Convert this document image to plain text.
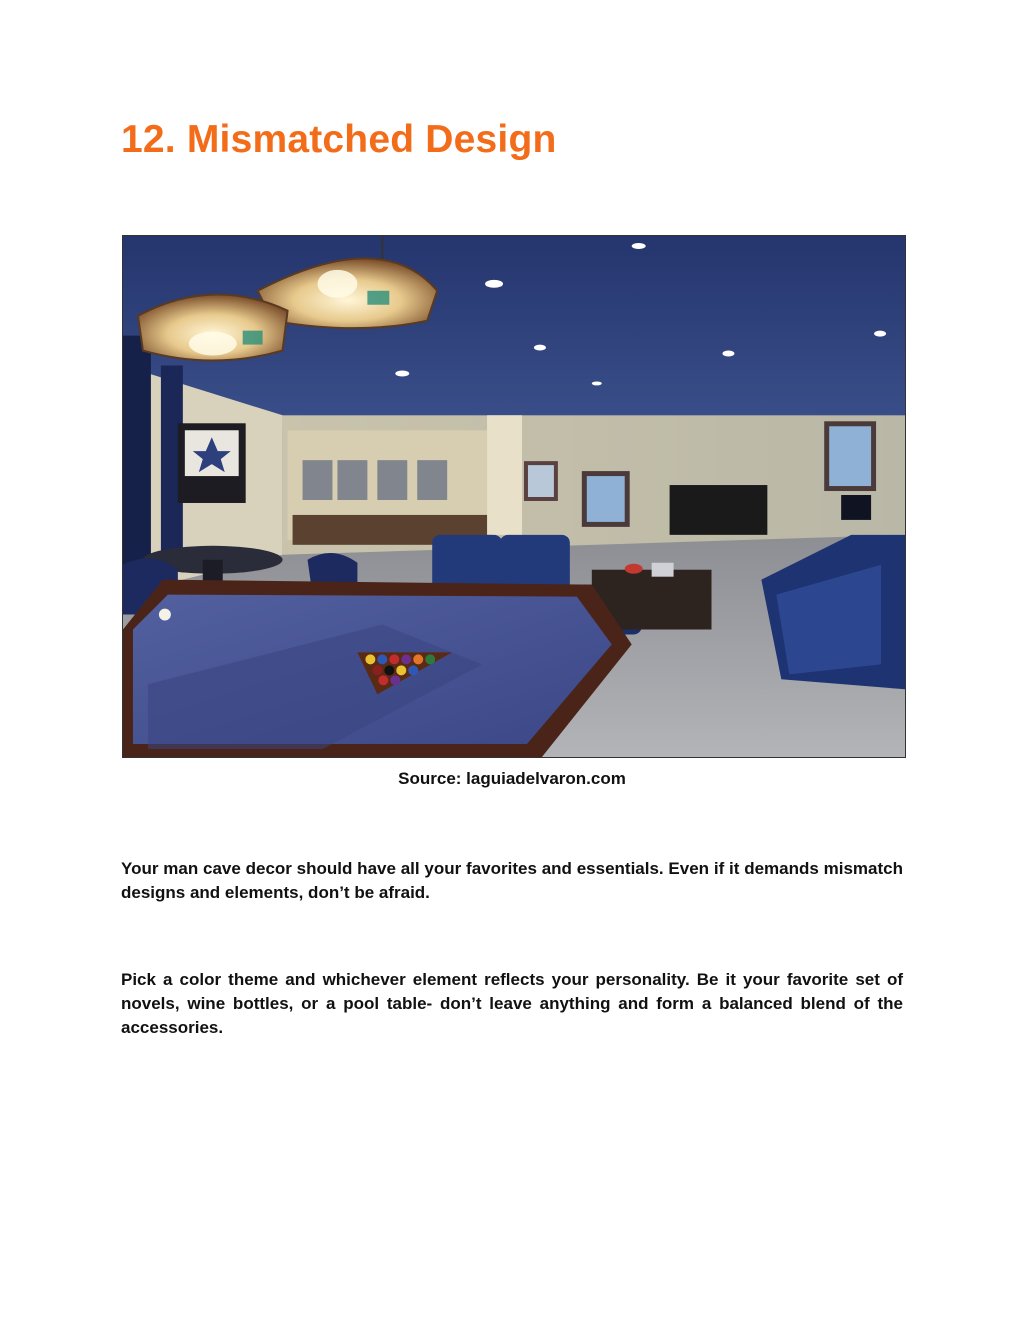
12. Mismatched Design
Source: laguiadelvaron.com

Your man cave decor should have all your favorites and essentials. Even if it demands mismatch designs and elements, don’t be afraid.

Pick a color theme and whichever element reflects your personality. Be it your favorite set of novels, wine bottles, or a pool table- don’t leave anything and form a balanced blend of the accessories.
